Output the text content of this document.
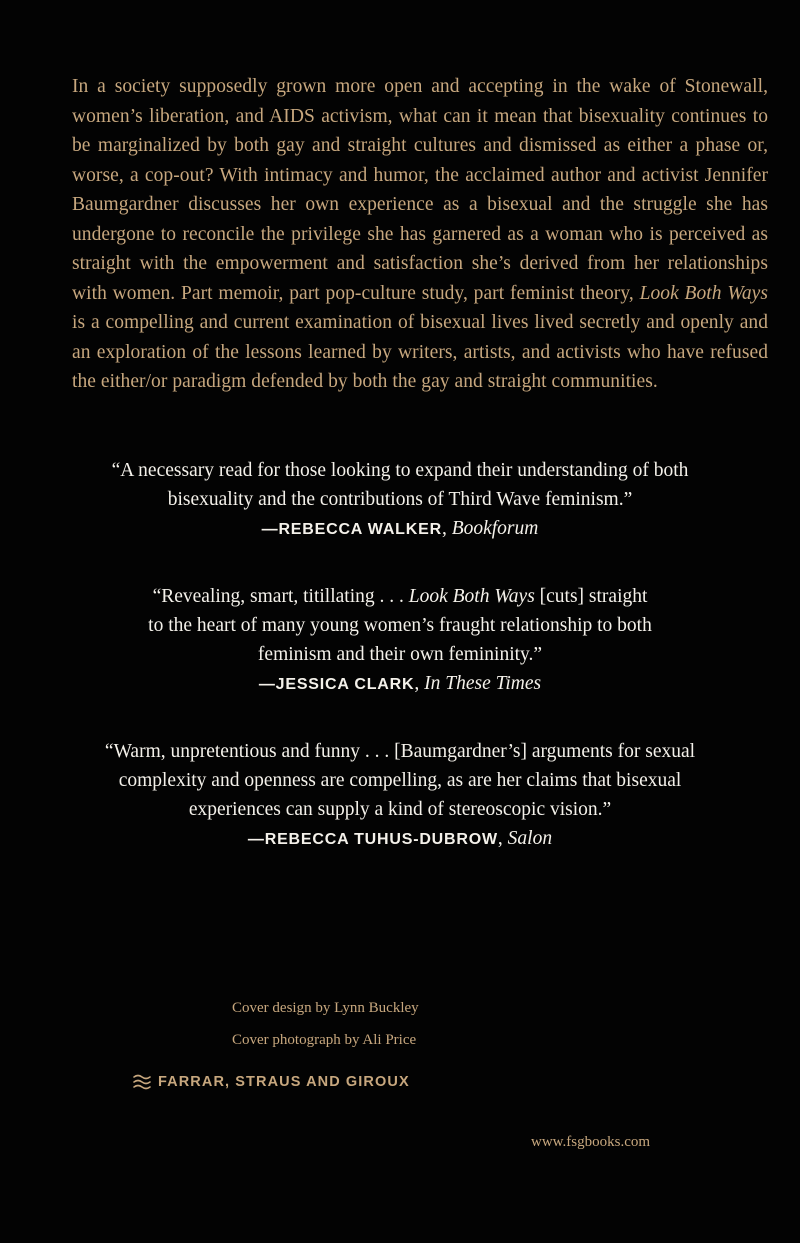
In a society supposedly grown more open and accepting in the wake of Stonewall, women’s liberation, and AIDS activism, what can it mean that bisexuality continues to be marginalized by both gay and straight cultures and dismissed as either a phase or, worse, a cop-out? With intimacy and humor, the acclaimed author and activist Jennifer Baumgardner discusses her own experience as a bisexual and the struggle she has undergone to reconcile the privilege she has garnered as a woman who is perceived as straight with the empowerment and satisfaction she’s derived from her relationships with women. Part memoir, part pop-culture study, part feminist theory, Look Both Ways is a compelling and current examination of bisexual lives lived secretly and openly and an exploration of the lessons learned by writers, artists, and activists who have refused the either/or paradigm defended by both the gay and straight communities.

“A necessary read for those looking to expand their understanding of both
bisexuality and the contributions of Third Wave feminism.”
—REBECCA WALKER, Bookforum
“Revealing, smart, titillating . . . Look Both Ways [cuts] straight
to the heart of many young women’s fraught relationship to both
feminism and their own femininity.”
—JESSICA CLARK, In These Times
“Warm, unpretentious and funny . . . [Baumgardner’s] arguments for sexual
complexity and openness are compelling, as are her claims that bisexual
experiences can supply a kind of stereoscopic vision.”
—REBECCA TUHUS-DUBROW, Salon
Cover design by Lynn Buckley
Cover photograph by Ali Price
FARRAR, STRAUS AND GIROUX
www.fsgbooks.com
